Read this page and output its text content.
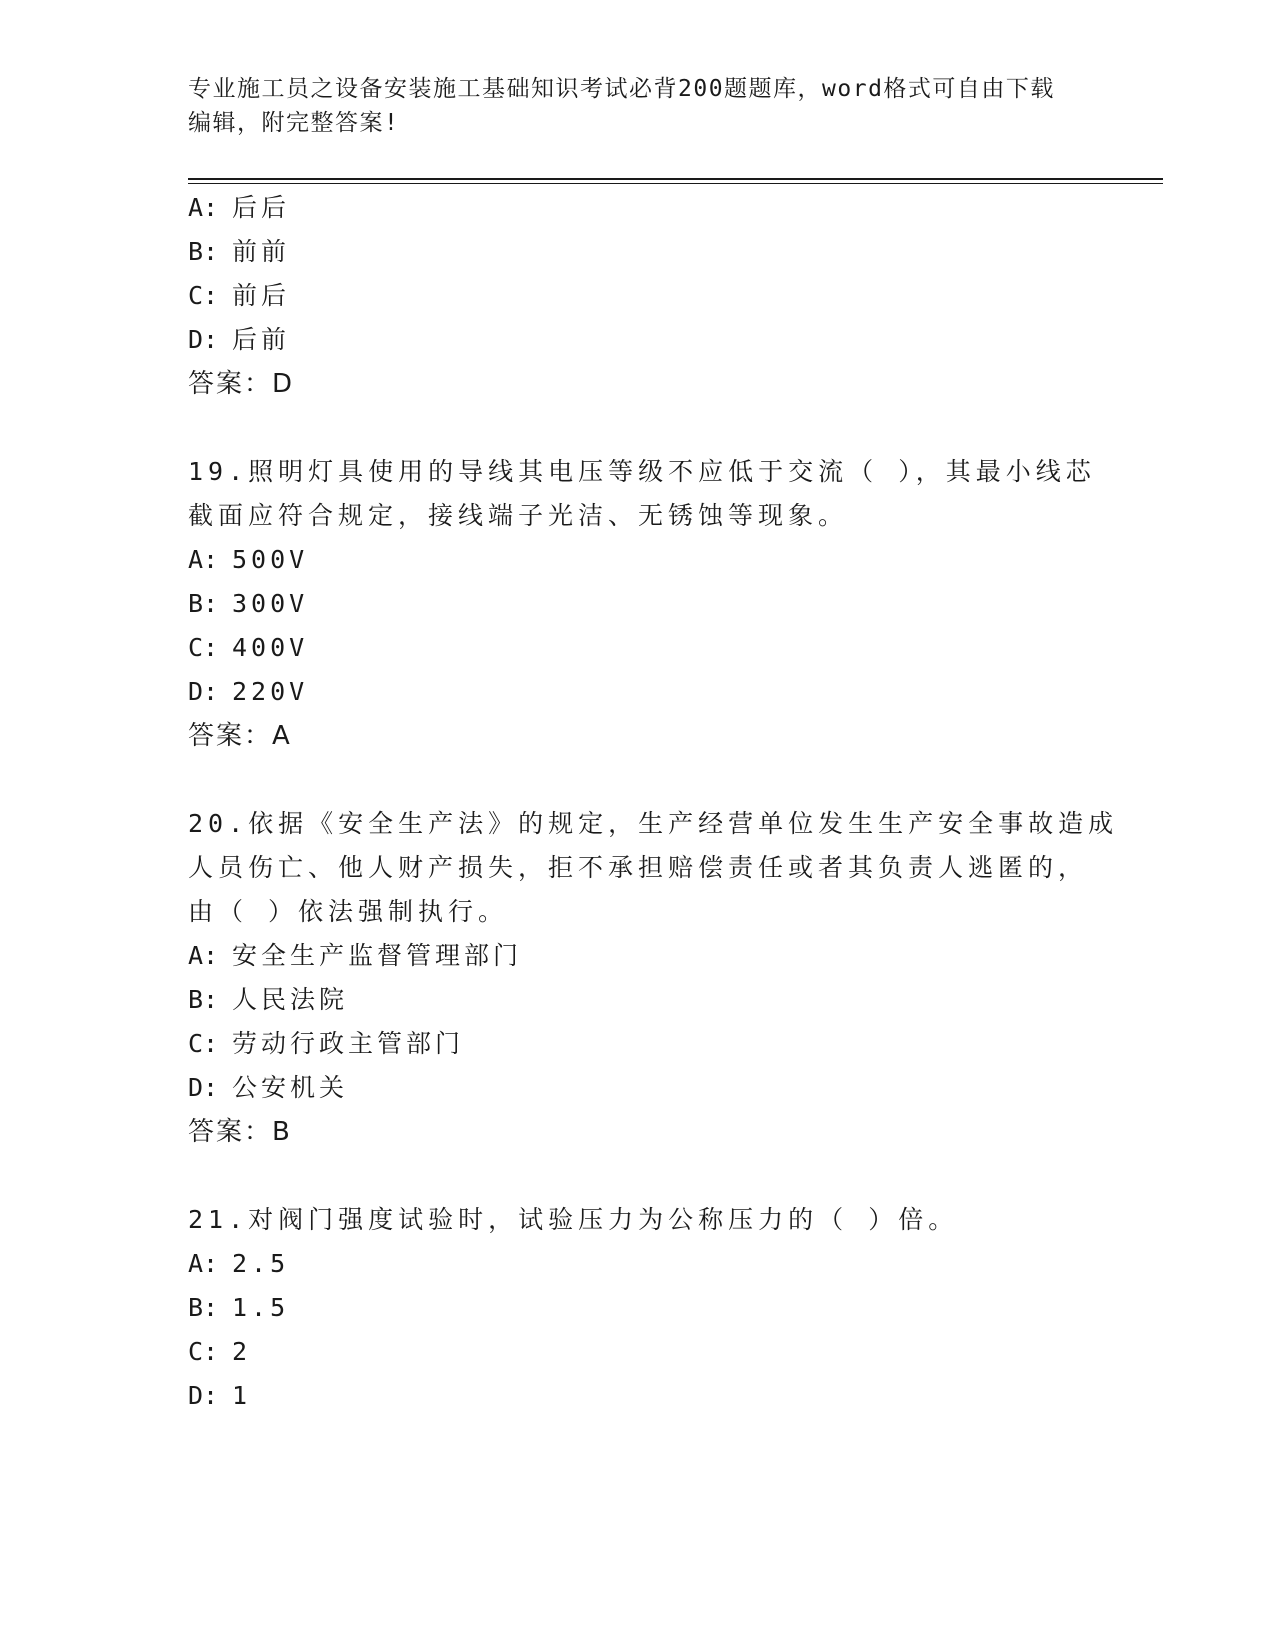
专业施工员之设备安装施工基础知识考试必背200题题库，word格式可自由下载
编辑，附完整答案!
A: 后后
B: 前前
C: 前后
D: 后前
答案：D
19.照明灯具使用的导线其电压等级不应低于交流（ ），其最小线芯
截面应符合规定，接线端子光洁、无锈蚀等现象。
A: 500V
B: 300V
C: 400V
D: 220V
答案：A
20.依据《安全生产法》的规定，生产经营单位发生生产安全事故造成
人员伤亡、他人财产损失，拒不承担赔偿责任或者其负责人逃匿的，
由（ ）依法强制执行。
A: 安全生产监督管理部门
B: 人民法院
C: 劳动行政主管部门
D: 公安机关
答案：B
21.对阀门强度试验时，试验压力为公称压力的（ ）倍。
A: 2.5
B: 1.5
C: 2
D: 1
